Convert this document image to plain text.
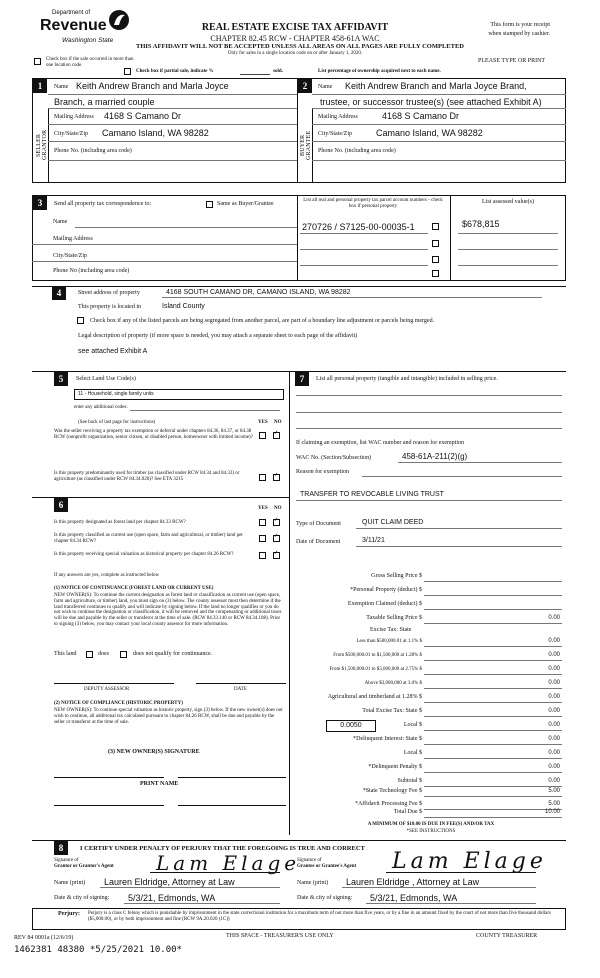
Department of
Revenue
Washington State
REAL ESTATE EXCISE TAX AFFIDAVIT
CHAPTER 82.45 RCW - CHAPTER 458-61A WAC
This form is your receipt
when stamped by cashier.
THIS AFFIDAVIT WILL NOT BE ACCEPTED UNLESS ALL AREAS ON ALL PAGES ARE FULLY COMPLETED
Only for sales in a single location code on or after January 1, 2020.
Check box if the sale occurred in more than one location code.
Check box if partial sale, indicate %	sold.	List percentage of ownership acquired next to each name.
PLEASE TYPE OR PRINT
1
SELLER GRANTOR
Name Keith Andrew Branch and Marla Joyce
Branch, a married couple
Mailing Address 4168 S Camano Dr
City/State/Zip Camano Island, WA 98282
Phone No. (including area code)
2
BUYER GRANTEE
Name Keith Andrew Branch and Marla Joyce Brand,
trustee, or successor trustee(s) (see attached Exhibit A)
Mailing Address	4168 S Camano Dr
City/State/Zip	Camano Island, WA 98282
Phone No. (including area code)
3	Send all property tax correspondence to:	Same as Buyer/Grantee
Name
Mailing Address
City/State/Zip
Phone No (including area code)
List all real and personal property tax parcel account numbers - check box if personal property
List assessed value(s)
270726 / S7125-00-00035-1	$678,815
4	Street address of property	4168 SOUTH CAMANO DR, CAMANO ISLAND, WA 98282
This property is located in	Island County
Check box if any of the listed parcels are being segregated from another parcel, are part of a boundary line adjustment or parcels being merged.
Legal description of property (if more space is needed, you may attach a separate sheet to each page of the affidavit)
see attached Exhibit A
5	Select Land Use Code(s)
11 - Household, single family units
enter any additional codes:
(See back of last page for instructions)	YES NO
Was the seller receiving a property tax exemption or deferral under chapters 84.36, 84.37, or 84.38 RCW (nonprofit organization, senior citizen, or disabled person, homeowner with limited income)?
✓
Is this property predominantly used for timber (as classified under RCW 84.34 and 84.33) or agriculture (as classified under RCW 84.34.020)? See ETA 3215
✓
6	YES NO
Is this property designated as forest land per chapter 84.33 RCW?	✓
Is this property classified as current use (open space, farm and agricultural, or timber) land per chapter 84.34 RCW?
✓
Is this property receiving special valuation as historical property per chapter 84.26 RCW?	✓
If any answers are yes, complete as instructed below
(1) NOTICE OF CONTINUANCE (FOREST LAND OR CURRENT USE)
NEW OWNER(S): To continue the current designation as forest land or classification as current use (open space, farm and agriculture, or timber) land, you must sign on (3) below. The county assessor must then determine if the land transferred continues to qualify and will indicate by signing below. If the land no longer qualifies or you do not wish to continue the designation or classification, it will be removed and the compensating or additional taxes will be due and payable by the seller or transferor at the time of sale. (RCW 84.33.140 or RCW 84.34.108). Prior to signing (3) below, you may contact your local county assessor for more information.
This land	does	does not qualify for continuance.
DEPUTY ASSESSOR	DATE
(2) NOTICE OF COMPLIANCE (HISTORIC PROPERTY)
NEW OWNER(S): To continue special valuation as historic property, sign (3) below. If the new owner(s) does not wish to continue, all additional tax calculated pursuant to chapter 84.26 RCW, shall be due and payable by the seller or transferor at the time of sale.
(3) NEW OWNER(S) SIGNATURE
PRINT NAME
7	List all personal property (tangible and intangible) included in selling price.
If claiming an exemption, list WAC number and reason for exemption
WAC No. (Section/Subsection)	458-61A-211(2)(g)
Reason for exemption
TRANSFER TO REVOCABLE LIVING TRUST
Type of Document	QUIT CLAIM DEED
Date of Document	3/11/21
Gross Selling Price $
*Personal Property (deduct) $
Exemption Claimed (deduct) $
Taxable Selling Price $	0.00
Excise Tax: State
Less than $500,000.01 at 1.1% $	0.00
From $500,000.01 to $1,500,000 at 1.28% $	0.00
From $1,500,000.01 to $3,000,000 at 2.75% $	0.00
Above $3,000,000 at 3.0% $	0.00
Agricultural and timberland at 1.28% $	0.00
Total Excise Tax: State $	0.00
0.0050	Local $	0.00
*Delinquent Interest: State $	0.00
Local $	0.00
*Delinquent Penalty $	0.00
Subtotal $	0.00
*State Technology Fee $	5.00
*Affidavit Processing Fee $	5.00
Total Due $	10.00
A MINIMUM OF $10.00 IS DUE IN FEE(S) AND/OR TAX
*SEE INSTRUCTIONS
8	I CERTIFY UNDER PENALTY OF PERJURY THAT THE FOREGOING IS TRUE AND CORRECT
Signature of
Grantor or Grantor's Agent Lam Elage
Signature of
Grantee or Grantee's Agent Lam Elage
Name (print) Lauren Eldridge, Attorney at Law	Name (print) Lauren Eldridge , Attorney at Law
Date & city of signing: 5/3/21, Edmonds, WA	Date & city of signing: 5/3/21, Edmonds, WA
Perjury: Perjury is a class C felony which is punishable by imprisonment in the state correctional institution for a maximum term of not more than five years, or by a fine in an amount fixed by the court of not more than five thousand dollars ($5,000.00), or by both imprisonment and fine (RCW 9A.20.020 (1C))
REV 84 0001a (12/6/19)	THIS SPACE - TREASURER'S USE ONLY	COUNTY TREASURER
1462381 48380 *5/25/2021 10.00*
